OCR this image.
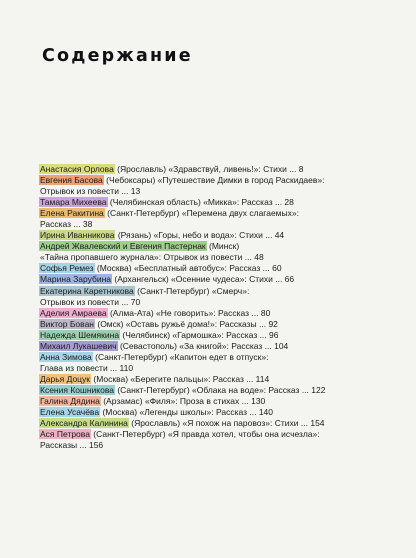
Содержание
Анастасия Орлова (Ярославль) «Здравствуй, ливень!»: Стихи ... 8
Евгения Басова (Чебоксары) «Путешествие Димки в город Раскидаев»:
Отрывок из повести ... 13
Тамара Михеева (Челябинская область) «Микка»: Рассказ ... 28
Елена Ракитина (Санкт-Петербург) «Перемена двух слагаемых»:
Рассказ ... 38
Ирина Иванникова (Рязань) «Горы, небо и вода»: Стихи ... 44
Андрей Жвалевский и Евгения Пастернак (Минск)
«Тайна пропавшего журнала»: Отрывок из повести ... 48
Софья Ремез (Москва) «Бесплатный автобус»: Рассказ ... 60
Марина Зарубина (Архангельск) «Осенние чудеса»: Стихи ... 66
Екатерина Каретникова (Санкт-Петербург) «Смерч»:
Отрывок из повести ... 70
Аделия Амраева (Алма-Ата) «Не говорить»: Рассказ ... 80
Виктор Бован (Омск) «Оставь ружьё дома!»: Рассказы ... 92
Надежда Шемякина (Челябинск) «Гармошка»: Рассказ ... 96
Михаил Лукашевич (Севастополь) «За книгой»: Рассказ ... 104
Анна Зимова (Санкт-Петербург) «Капитон едет в отпуск»:
Глава из повести ... 110
Дарья Доцук (Москва) «Берегите пальцы»: Рассказ ... 114
Ксения Кошникова (Санкт-Петербург) «Облака на воде»: Рассказ ... 122
Галина Дядина (Арзамас) «Филя»: Проза в стихах ... 130
Елена Усачёва (Москва) «Легенды школы»: Рассказ ... 140
Александра Калинина (Ярославль) «Я похож на паровоз»: Стихи ... 154
Ася Петрова (Санкт-Петербург) «Я правда хотел, чтобы она исчезла»:
Рассказы ... 156
